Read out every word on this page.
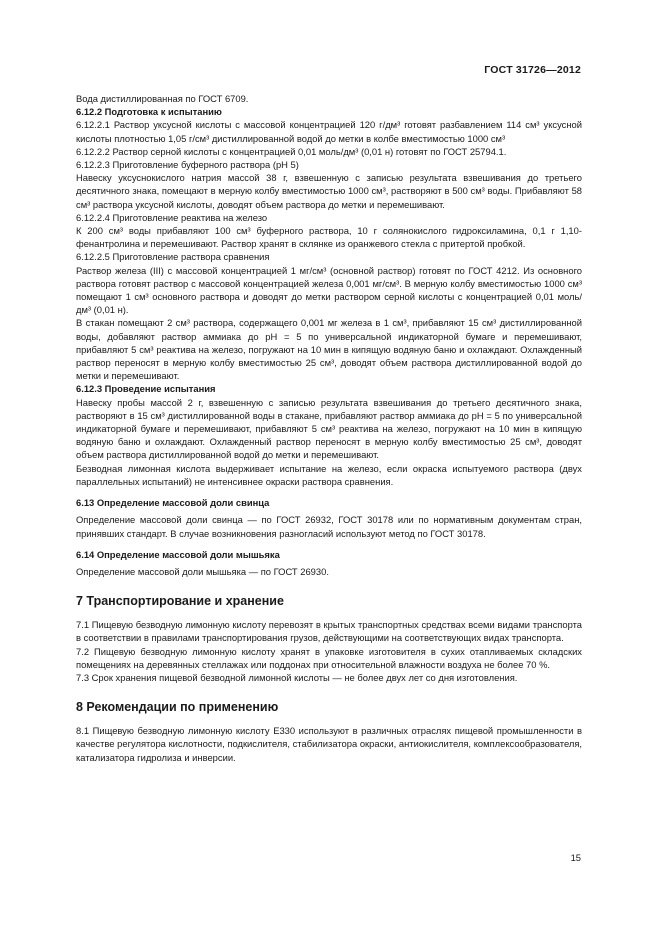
ГОСТ 31726—2012

Вода дистиллированная по ГОСТ 6709.

6.12.2 Подготовка к испытанию

6.12.2.1 Раствор уксусной кислоты с массовой концентрацией 120 г/дм³ готовят разбавлением 114 см³ уксусной кислоты плотностью 1,05 г/см³ дистиллированной водой до метки в колбе вместимостью 1000 см³

6.12.2.2 Раствор серной кислоты с концентрацией 0,01 моль/дм³ (0,01 н) готовят по ГОСТ 25794.1.

6.12.2.3 Приготовление буферного раствора (рН 5)

Навеску уксуснокислого натрия массой 38 г, взвешенную с записью результата взвешивания до третьего десятичного знака, помещают в мерную колбу вместимостью 1000 см³, растворяют в 500 см³ воды. Прибавляют 58 см³ раствора уксусной кислоты, доводят объем раствора до метки и перемешивают.

6.12.2.4 Приготовление реактива на железо

К 200 см³ воды прибавляют 100 см³ буферного раствора, 10 г солянокислого гидроксиламина, 0,1 г 1,10-фенантролина и перемешивают. Раствор хранят в склянке из оранжевого стекла с притертой пробкой.

6.12.2.5 Приготовление раствора сравнения

Раствор железа (III) с массовой концентрацией 1 мг/см³ (основной раствор) готовят по ГОСТ 4212. Из основного раствора готовят раствор с массовой концентрацией железа 0,001 мг/см³. В мерную колбу вместимостью 1000 см³ помещают 1 см³ основного раствора и доводят до метки раствором серной кислоты с концентрацией 0,01 моль/дм³ (0,01 н).

В стакан помещают 2 см³ раствора, содержащего 0,001 мг железа в 1 см³, прибавляют 15 см³ дистиллированной воды, добавляют раствор аммиака до рН = 5 по универсальной индикаторной бумаге и перемешивают, прибавляют 5 см³ реактива на железо, погружают на 10 мин в кипящую водяную баню и охлаждают. Охлажденный раствор переносят в мерную колбу вместимостью 25 см³, доводят объем раствора дистиллированной водой до метки и перемешивают.

6.12.3 Проведение испытания

Навеску пробы массой 2 г, взвешенную с записью результата взвешивания до третьего десятичного знака, растворяют в 15 см³ дистиллированной воды в стакане, прибавляют раствор аммиака до рН = 5 по универсальной индикаторной бумаге и перемешивают, прибавляют 5 см³ реактива на железо, погружают на 10 мин в кипящую водяную баню и охлаждают. Охлажденный раствор переносят в мерную колбу вместимостью 25 см³, доводят объем раствора дистиллированной водой до метки и перемешивают.

Безводная лимонная кислота выдерживает испытание на железо, если окраска испытуемого раствора (двух параллельных испытаний) не интенсивнее окраски раствора сравнения.

6.13 Определение массовой доли свинца

Определение массовой доли свинца — по ГОСТ 26932, ГОСТ 30178 или по нормативным документам стран, принявших стандарт. В случае возникновения разногласий используют метод по ГОСТ 30178.

6.14 Определение массовой доли мышьяка

Определение массовой доли мышьяка — по ГОСТ 26930.

7 Транспортирование и хранение

7.1 Пищевую безводную лимонную кислоту перевозят в крытых транспортных средствах всеми видами транспорта в соответствии в правилами транспортирования грузов, действующими на соответствующих видах транспорта.

7.2 Пищевую безводную лимонную кислоту хранят в упаковке изготовителя в сухих отапливаемых складских помещениях на деревянных стеллажах или поддонах при относительной влажности воздуха не более 70 %.

7.3 Срок хранения пищевой безводной лимонной кислоты — не более двух лет со дня изготовления.

8 Рекомендации по применению

8.1 Пищевую безводную лимонную кислоту Е330 используют в различных отраслях пищевой промышленности в качестве регулятора кислотности, подкислителя, стабилизатора окраски, антиокислителя, комплексообразователя, катализатора гидролиза и инверсии.

15
